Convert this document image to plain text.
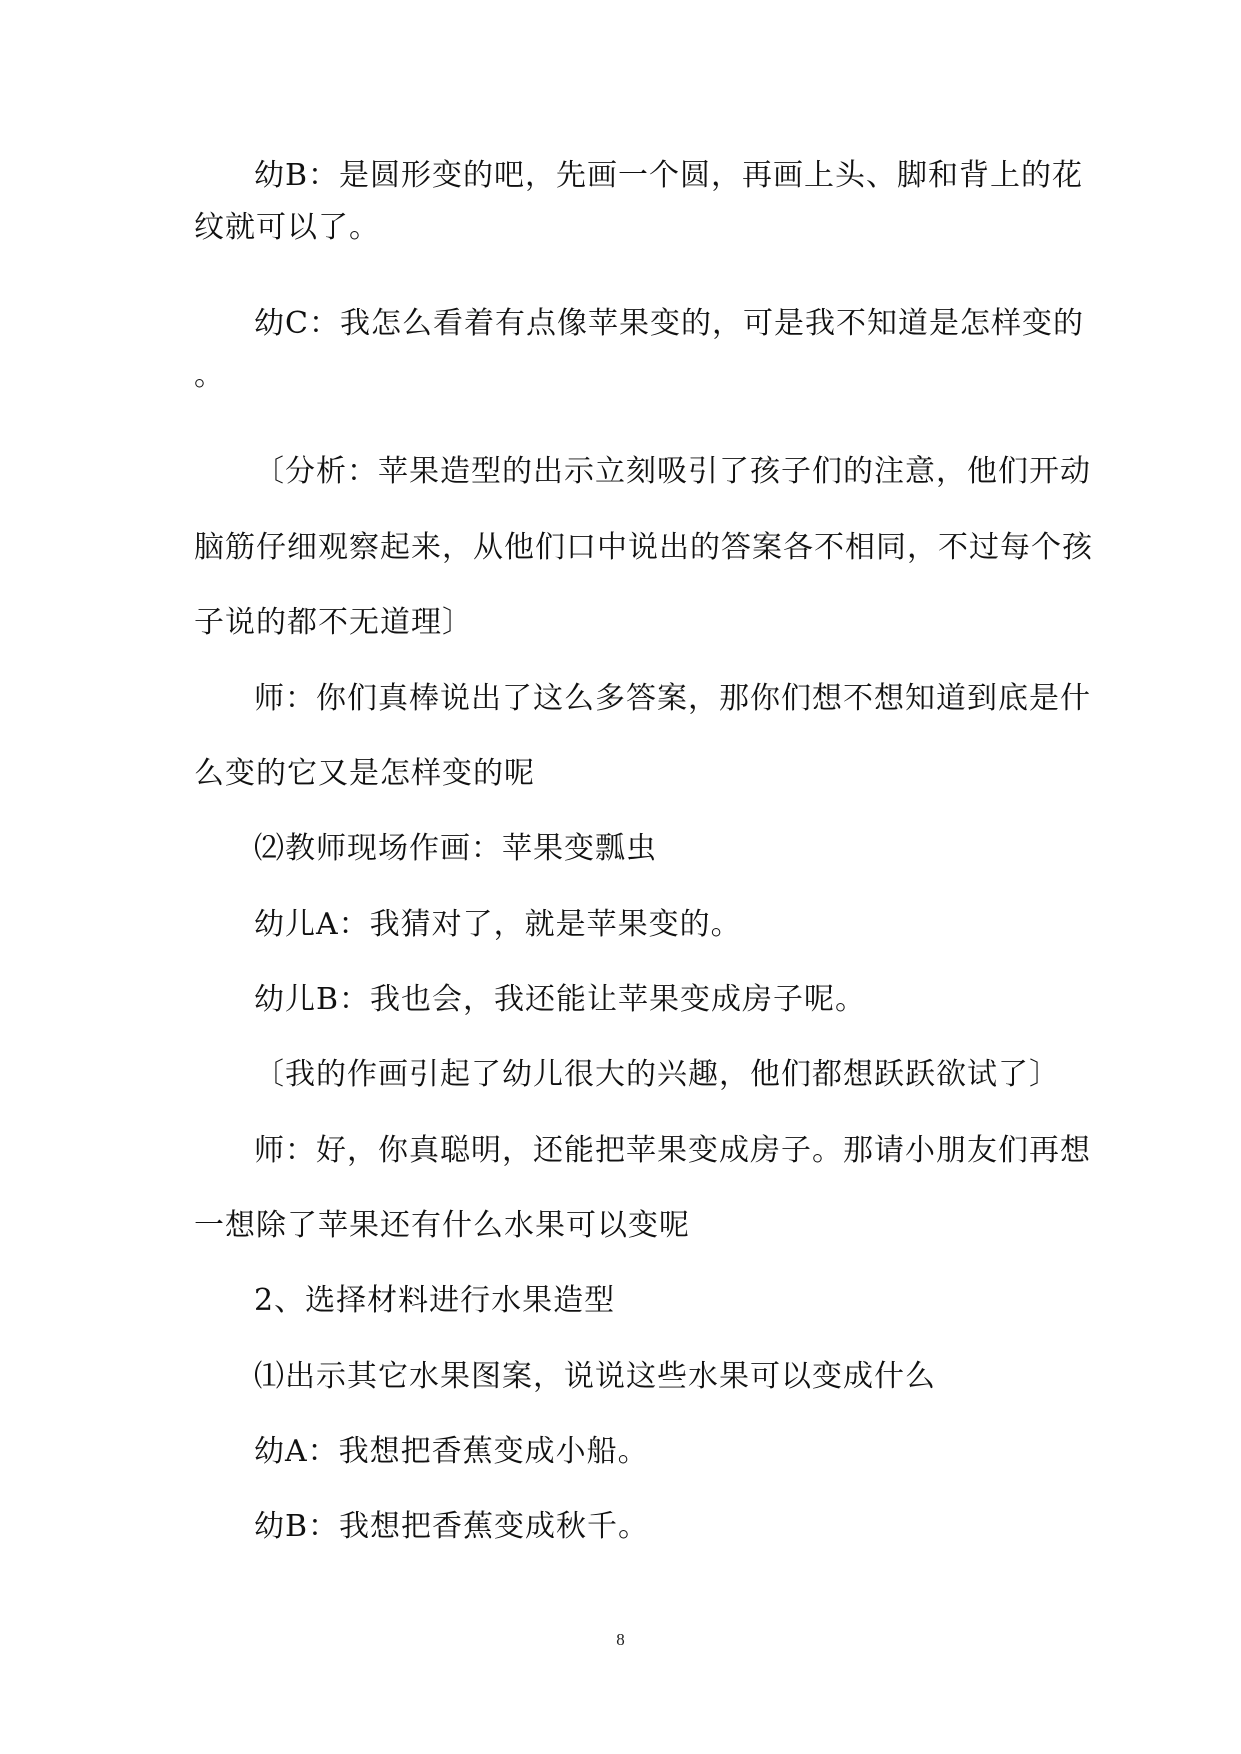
幼B：是圆形变的吧，先画一个圆，再画上头、脚和背上的花
纹就可以了。
幼C：我怎么看着有点像苹果变的，可是我不知道是怎样变的
。
〔分析：苹果造型的出示立刻吸引了孩子们的注意，他们开动
脑筋仔细观察起来，从他们口中说出的答案各不相同，不过每个孩
子说的都不无道理〕
师：你们真棒说出了这么多答案，那你们想不想知道到底是什
么变的它又是怎样变的呢
⑵教师现场作画：苹果变瓢虫
幼儿A：我猜对了，就是苹果变的。
幼儿B：我也会，我还能让苹果变成房子呢。
〔我的作画引起了幼儿很大的兴趣，他们都想跃跃欲试了〕
师：好，你真聪明，还能把苹果变成房子。那请小朋友们再想
一想除了苹果还有什么水果可以变呢
2、选择材料进行水果造型
⑴出示其它水果图案，说说这些水果可以变成什么
幼A：我想把香蕉变成小船。
幼B：我想把香蕉变成秋千。
8
